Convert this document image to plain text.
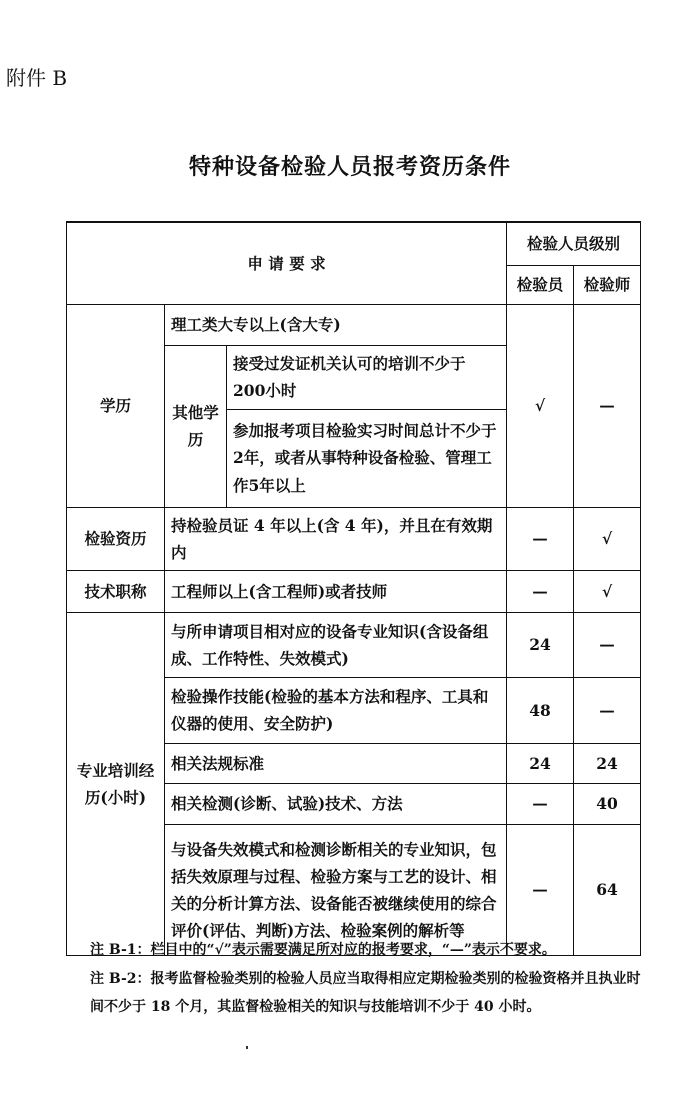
附件 B
特种设备检验人员报考资历条件
申 请 要 求			检验人员级别	
			检验员	检验师
学历	理工类大专以上(含大专)		√	—
	其他学历	接受过发证机关认可的培训不少于 200小时		
		参加报考项目检验实习时间总计不少于2年，或者从事特种设备检验、管理工作5年以上		
检验资历	持检验员证 4 年以上(含 4 年)，并且在有效期内		—	√
技术职称	工程师以上(含工程师)或者技师		—	√
专业培训经历(小时)	与所申请项目相对应的设备专业知识(含设备组成、工作特性、失效模式)		24	—
	检验操作技能(检验的基本方法和程序、工具和仪器的使用、安全防护)		48	—
	相关法规标准		24	24
	相关检测(诊断、试验)技术、方法		—	40
	与设备失效模式和检测诊断相关的专业知识，包括失效原理与过程、检验方案与工艺的设计、相关的分析计算方法、设备能否被继续使用的综合评价(评估、判断)方法、检验案例的解析等		—	64

注 B-1：栏目中的“√”表示需要满足所对应的报考要求，“—”表示不要求。

注 B-2：报考监督检验类别的检验人员应当取得相应定期检验类别的检验资格并且执业时间不少于 18 个月，其监督检验相关的知识与技能培训不少于 40 小时。
